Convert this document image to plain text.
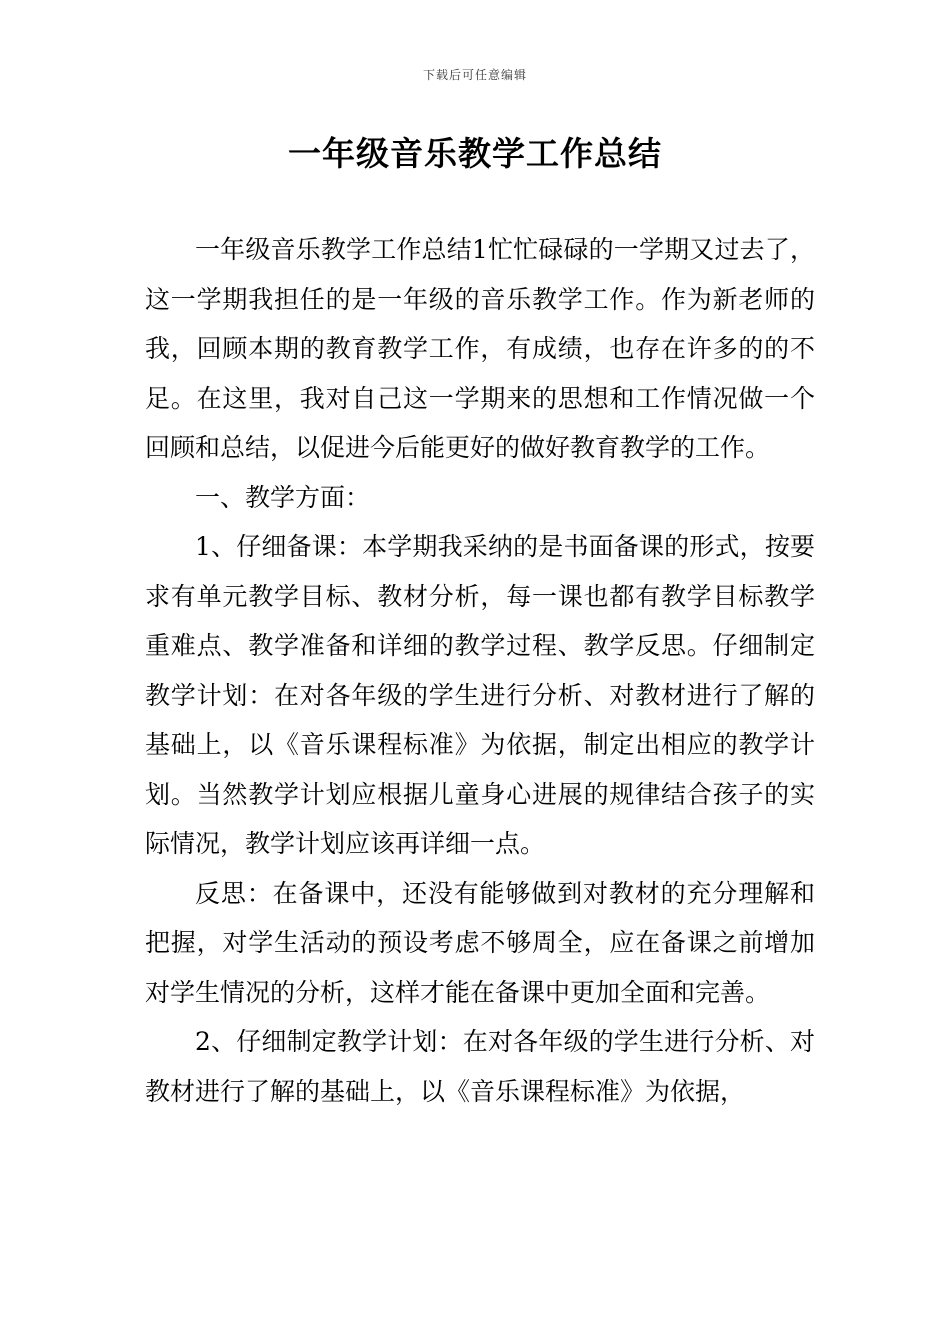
下载后可任意编辑
一年级音乐教学工作总结

一年级音乐教学工作总结1忙忙碌碌的一学期又过去了，这一学期我担任的是一年级的音乐教学工作。作为新老师的我，回顾本期的教育教学工作，有成绩，也存在许多的的不足。在这里，我对自己这一学期来的思想和工作情况做一个回顾和总结，以促进今后能更好的做好教育教学的工作。

一、教学方面：

1、仔细备课：本学期我采纳的是书面备课的形式，按要求有单元教学目标、教材分析，每一课也都有教学目标教学重难点、教学准备和详细的教学过程、教学反思。仔细制定教学计划：在对各年级的学生进行分析、对教材进行了解的基础上，以《音乐课程标准》为依据，制定出相应的教学计划。当然教学计划应根据儿童身心进展的规律结合孩子的实际情况，教学计划应该再详细一点。

反思：在备课中，还没有能够做到对教材的充分理解和把握，对学生活动的预设考虑不够周全，应在备课之前增加对学生情况的分析，这样才能在备课中更加全面和完善。

2、仔细制定教学计划：在对各年级的学生进行分析、对教材进行了解的基础上，以《音乐课程标准》为依据，
